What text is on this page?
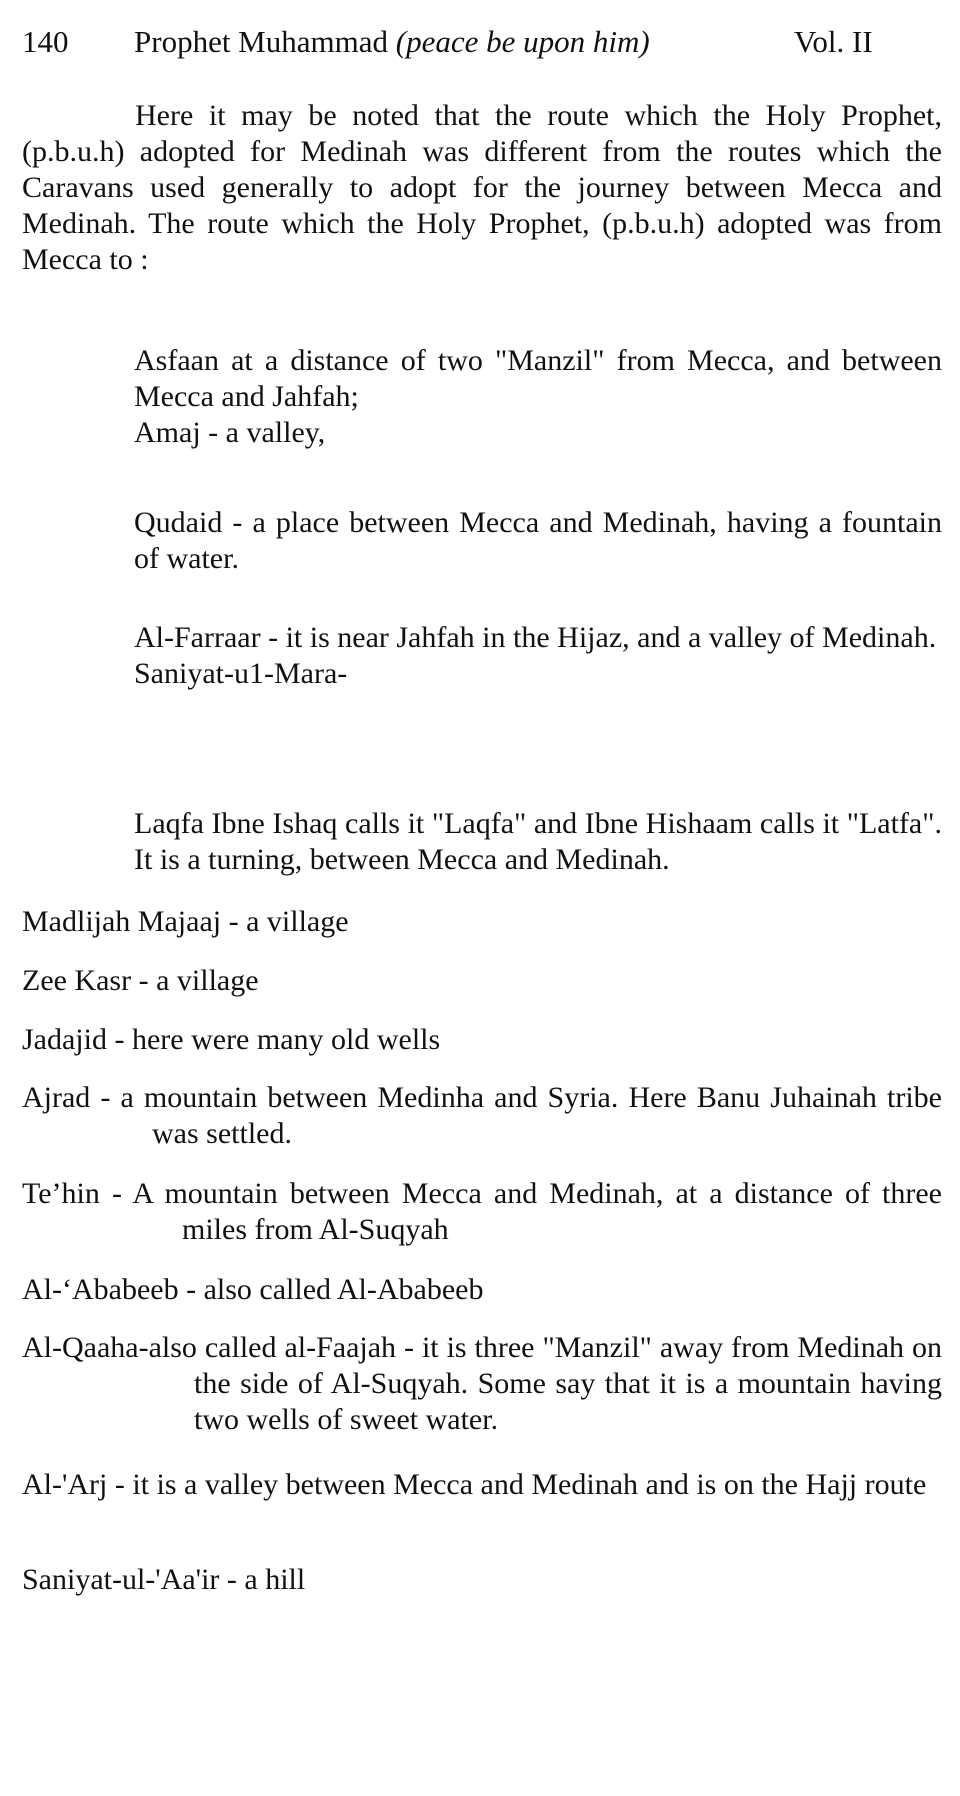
140 Prophet Muhammad (peace be upon him)	Vol. II

Here it may be noted that the route which the Holy Prophet, (p.b.u.h) adopted for Medinah was different from the routes which the Caravans used generally to adopt for the journey between Mecca and Medinah. The route which the Holy Prophet, (p.b.u.h) adopted was from Mecca to :

Asfaan at a distance of two "Manzil" from Mecca, and between Mecca and Jahfah;
Amaj - a valley,

Qudaid - a place between Mecca and Medinah, having a fountain of water.

Al-Farraar - it is near Jahfah in the Hijaz, and a valley of Medinah.
Saniyat-u1-Mara-

Laqfa Ibne Ishaq calls it "Laqfa" and Ibne Hishaam calls it "Latfa". It is a turning, between Mecca and Medinah.

Madlijah Majaaj - a village

Zee Kasr - a village

Jadajid - here were many old wells

Ajrad - a mountain between Medinha and Syria. Here Banu Juhainah tribe was settled.

Te’hin - A mountain between Mecca and Medinah, at a distance of three miles from Al-Suqyah

Al-‘Ababeeb - also called Al-Ababeeb

Al-Qaaha-also called al-Faajah - it is three "Manzil" away from Medinah on the side of Al-Suqyah. Some say that it is a mountain having two wells of sweet water.

Al-'Arj - it is a valley between Mecca and Medinah and is on the Hajj route

Saniyat-ul-'Aa'ir - a hill
